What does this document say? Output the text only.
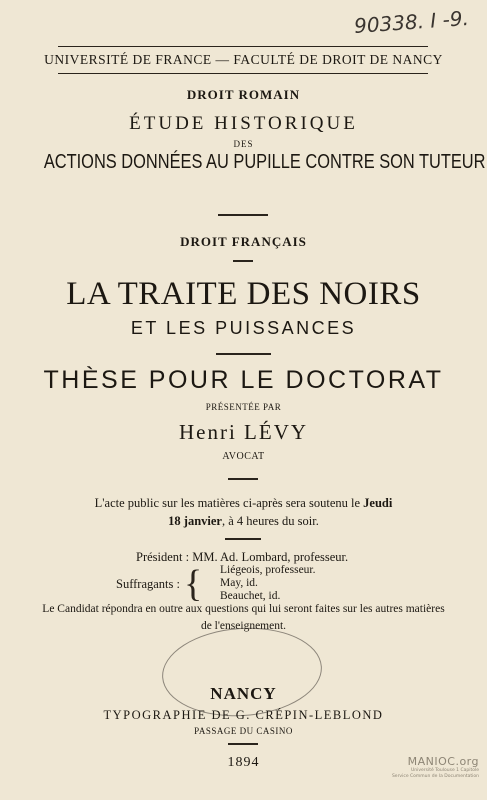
90338. I -9.
UNIVERSITÉ DE FRANCE — FACULTÉ DE DROIT DE NANCY
DROIT ROMAIN
ÉTUDE HISTORIQUE
DES
ACTIONS DONNÉES AU PUPILLE CONTRE SON TUTEUR
DROIT FRANÇAIS
LA TRAITE DES NOIRS
ET LES PUISSANCES
THÈSE POUR LE DOCTORAT
PRÉSENTÉE PAR
Henri LÉVY
AVOCAT
L'acte public sur les matières ci-après sera soutenu le Jeudi
18 janvier, à 4 heures du soir.
Président : MM. Ad. Lombard, professeur.
Suffragants : { Liégeois, professeur.
May, id.
Beauchet, id.
Le Candidat répondra en outre aux questions qui lui seront faites sur les autres matières
de l'enseignement.
NANCY
TYPOGRAPHIE DE G. CRÉPIN-LEBLOND
PASSAGE DU CASINO
1894	MANIOC.org
Université Toulouse 1 Capitole
Service Commun de la Documentation
